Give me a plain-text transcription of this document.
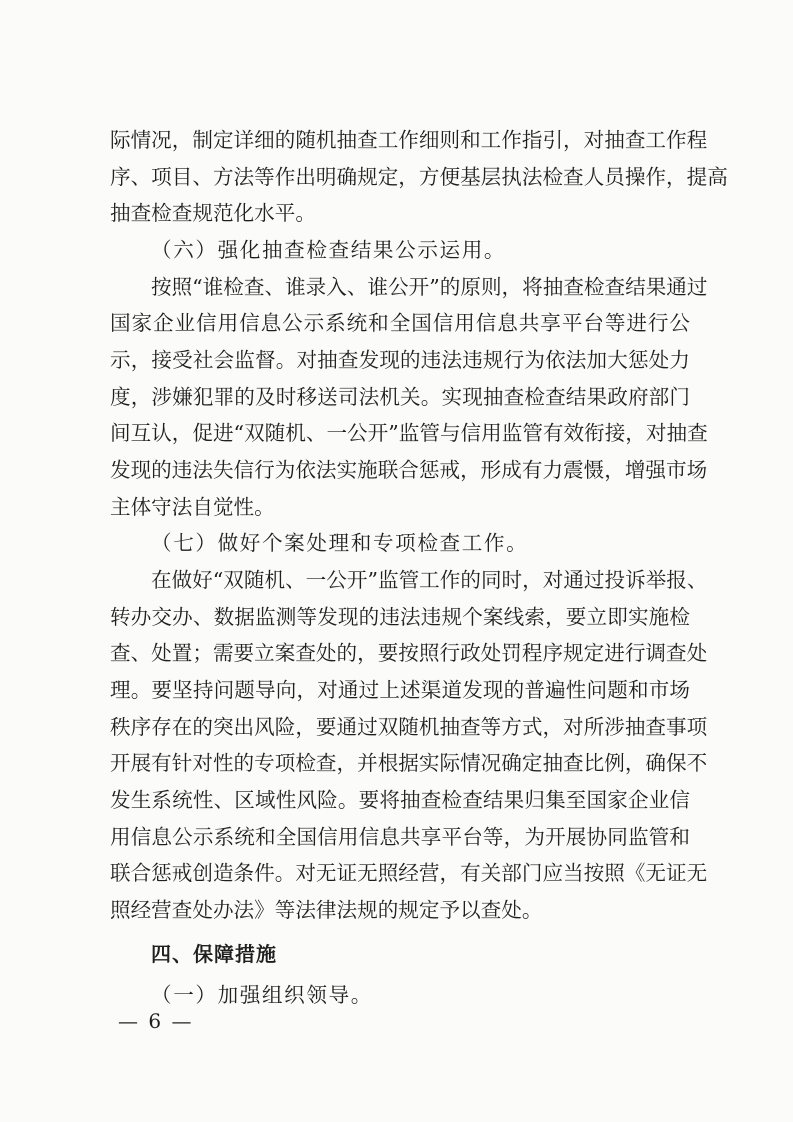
际情况，制定详细的随机抽查工作细则和工作指引，对抽查工作程
序、项目、方法等作出明确规定，方便基层执法检查人员操作，提高
抽查检查规范化水平。
（六）强化抽查检查结果公示运用。
按照“谁检查、谁录入、谁公开”的原则，将抽查检查结果通过
国家企业信用信息公示系统和全国信用信息共享平台等进行公
示，接受社会监督。对抽查发现的违法违规行为依法加大惩处力
度，涉嫌犯罪的及时移送司法机关。实现抽查检查结果政府部门
间互认，促进“双随机、一公开”监管与信用监管有效衔接，对抽查
发现的违法失信行为依法实施联合惩戒，形成有力震慑，增强市场
主体守法自觉性。
（七）做好个案处理和专项检查工作。
在做好“双随机、一公开”监管工作的同时，对通过投诉举报、
转办交办、数据监测等发现的违法违规个案线索，要立即实施检
查、处置；需要立案查处的，要按照行政处罚程序规定进行调查处
理。要坚持问题导向，对通过上述渠道发现的普遍性问题和市场
秩序存在的突出风险，要通过双随机抽查等方式，对所涉抽查事项
开展有针对性的专项检查，并根据实际情况确定抽查比例，确保不
发生系统性、区域性风险。要将抽查检查结果归集至国家企业信
用信息公示系统和全国信用信息共享平台等，为开展协同监管和
联合惩戒创造条件。对无证无照经营，有关部门应当按照《无证无
照经营查处办法》等法律法规的规定予以查处。
四、保障措施
（一）加强组织领导。
— 6 —
